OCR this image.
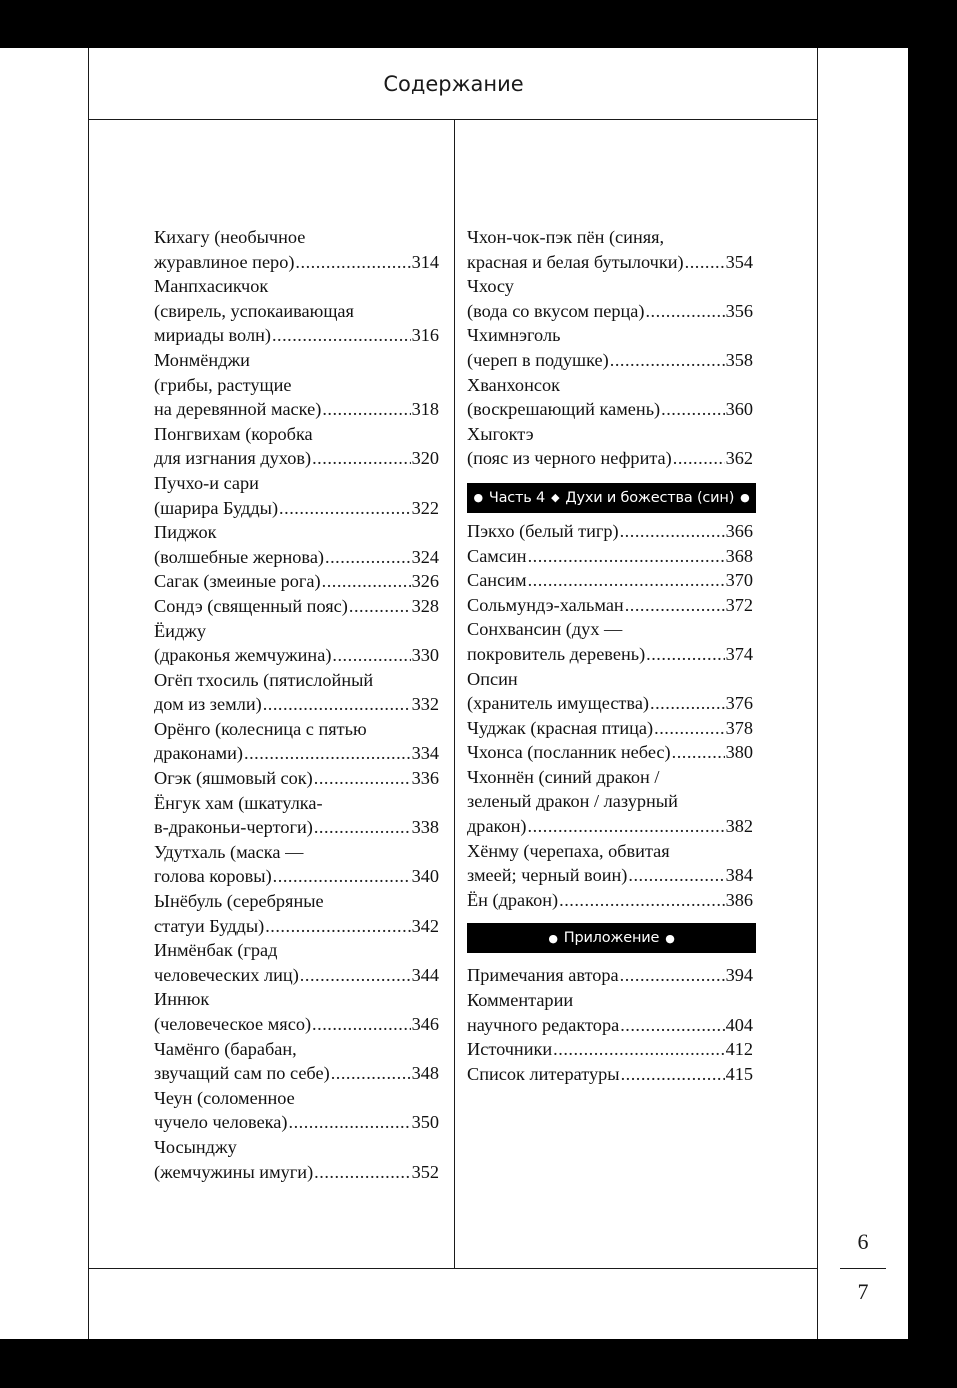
Содержание
Кихагу (необычное
журавлиное перо) .....	314
Манпхасикчок
(свирель, успокаивающая
мириады волн) .....	316
Монмёнджи
(грибы, растущие
на деревянной маске) .....	318
Понгвихам (коробка
для изгнания духов) .....	320
Пучхо-и сари
(шарира Будды) .....	322
Пиджок
(волшебные жернова) .....	324
Сагак (змеиные рога) .....	326
Сондэ (священный пояс) .....	328
Ёиджу
(драконья жемчужина) .....	330
Огёп тхосиль (пятислойный
дом из земли) .....	332
Орёнго (колесница с пятью
драконами) .....	334
Огэк (яшмовый сок) .....	336
Ёнгук хам (шкатулка-
в-драконьи-чертоги) .....	338
Удутхаль (маска —
голова коровы) .....	340
Ынёбуль (серебряные
статуи Будды) .....	342
Инмёнбак (град
человеческих лиц) .....	344
Иннюк
(человеческое мясо) .....	346
Чамёнго (барабан,
звучащий сам по себе) .....	348
Чеун (соломенное
чучело человека) .....	350
Чосынджу
(жемчужины имуги) .....	352
Чхон-чок-пэк пён (синяя,
красная и белая бутылочки) ..... 354
Чхосу
(вода со вкусом перца) .....	356
Чхимнэголь
(череп в подушке) .....	358
Хванхонсок
(воскрешающий камень) .....	360
Хыгоктэ
(пояс из черного нефрита) .....	362
● Часть 4 ◆ Духи и божества (син) ●
Пэкхо (белый тигр) .....	366
Самсин .....	368
Сансим .....	370
Сольмундэ-хальман .....	372
Сонхвансин (дух —
покровитель деревень) .....	374
Опсин
(хранитель имущества) .....	376
Чуджак (красная птица) .....	378
Чхонса (посланник небес) .....	380
Чхоннён (синий дракон /
зеленый дракон / лазурный
дракон) .....	382
Хёнму (черепаха, обвитая
змеей; черный воин) .....	384
Ён (дракон) .....	386
● Приложение ●
Примечания автора .....	394
Комментарии
научного редактора .....	404
Источники .....	412
Список литературы .....	415
6
7
